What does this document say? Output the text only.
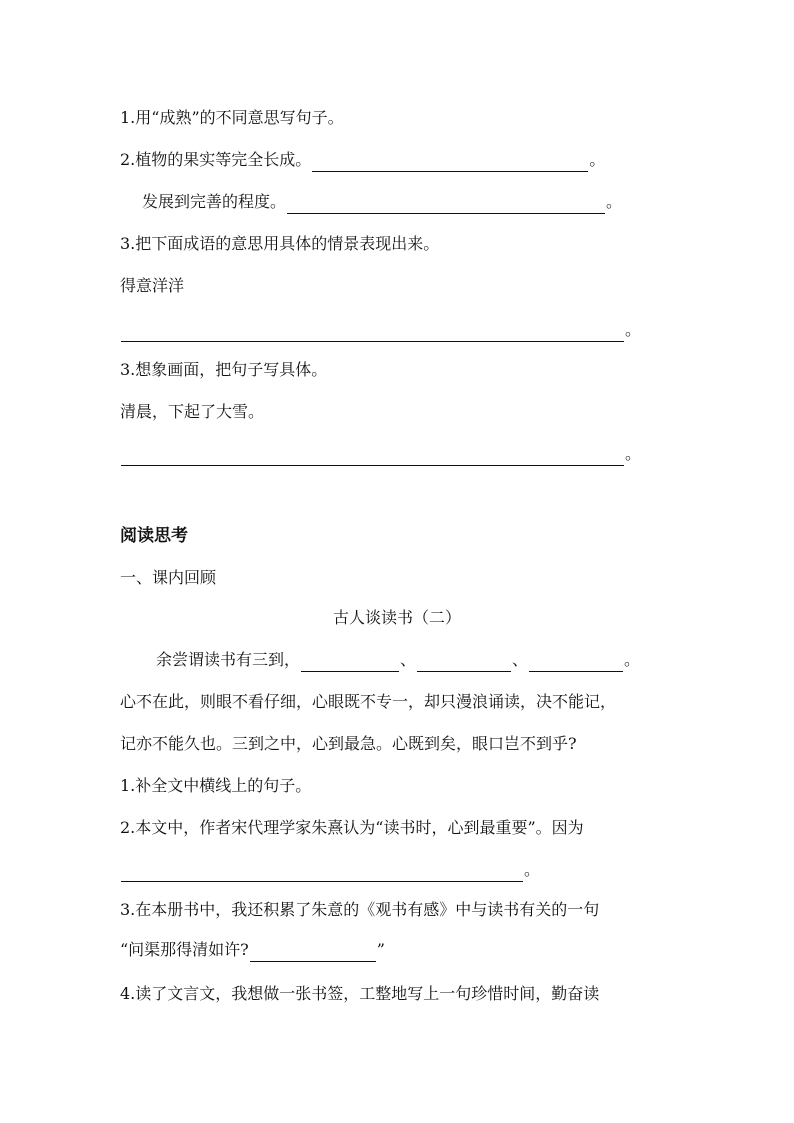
1.用“成熟”的不同意思写句子。
2.植物的果实等完全长成。	。
发展到完善的程度。	。
3.把下面成语的意思用具体的情景表现出来。
得意洋洋
。
3.想象画面，把句子写具体。
清晨，下起了大雪。
。
阅读思考
一、课内回顾
古人谈读书（二）
余尝谓读书有三到，	、	、	。
心不在此，则眼不看仔细，心眼既不专一，却只漫浪诵读，决不能记，
记亦不能久也。三到之中，心到最急。心既到矣，眼口岂不到乎?
1.补全文中横线上的句子。
2.本文中，作者宋代理学家朱熹认为“读书时，心到最重要”。因为
。
3.在本册书中，我还积累了朱意的《观书有感》中与读书有关的一句
“问渠那得清如许?	”
4.读了文言文，我想做一张书签，工整地写上一句珍惜时间，勤奋读
